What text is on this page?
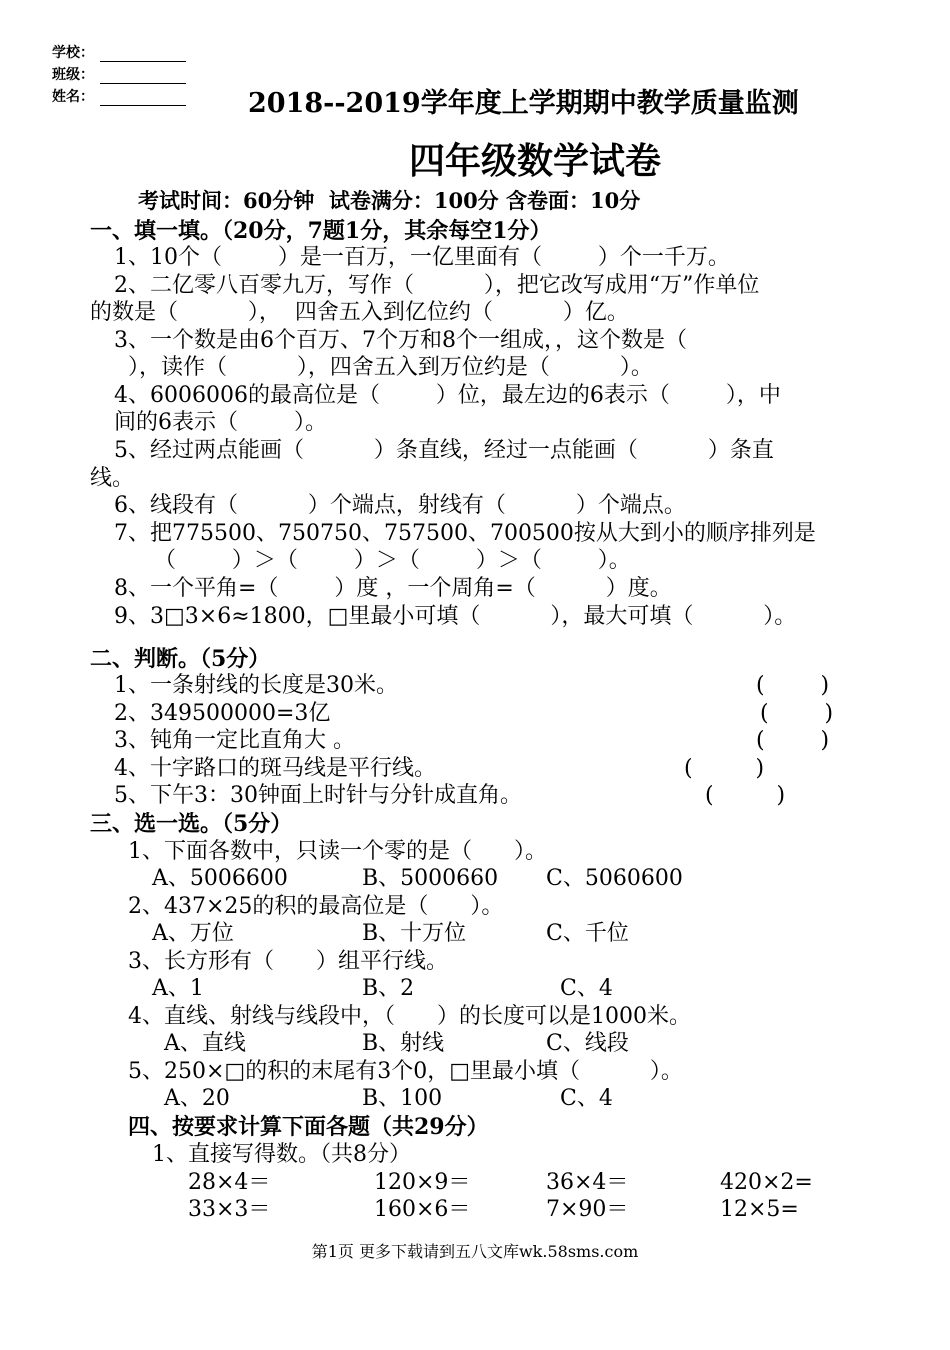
学校：
班级：
姓名：	2018--2019学年度上学期期中教学质量监测
四年级数学试卷
考试时间：60分钟  试卷满分：100分 含卷面：10分
一、填一填。（20分，7题1分，其余每空1分）
1、10个（        ）是一百万，一亿里面有（        ）个一千万。
2、二亿零八百零九万，写作（          ），把它改写成用“万”作单位
的数是（          ），  四舍五入到亿位约（          ）亿。
3、一个数是由6个百万、7个万和8个一组成，，这个数是（
），读作（          ），四舍五入到万位约是（          ）。
4、6006006的最高位是（        ）位，最左边的6表示（        ），中
间的6表示（        ）。
5、经过两点能画（          ）条直线，经过一点能画（          ）条直
线。
6、线段有（          ）个端点，射线有（          ）个端点。
7、把775500、750750、757500、700500按从大到小的顺序排列是
（        ）＞（        ）＞（        ）＞（        ）。
8、一个平角=（        ）度 ，一个周角=（          ）度。
9、3□3×6≈1800，□里最小可填（          ），最大可填（          ）。
二、判断。（5分）
1、一条射线的长度是30米。	(        )
2、349500000=3亿	(        )
3、钝角一定比直角大 。	(        )
4、十字路口的斑马线是平行线。	(         )
5、下午3：30钟面上时针与分针成直角。	(         )
三、选一选。（5分）
1、下面各数中，只读一个零的是（      ）。
A、5006600	B、5000660 C、5060600
2、437×25的积的最高位是（      ）。
A、万位	B、十万位	C、千位
3、长方形有（      ）组平行线。
A、1	B、2	C、4
4、直线、射线与线段中，（      ）的长度可以是1000米。
A、直线	B、射线	C、线段
5、250×□的积的末尾有3个0，□里最小填（          ）。
A、20	B、100	C、4
四、按要求计算下面各题（共29分）
1、直接写得数。（共8分）
28×4＝	120×9＝	36×4＝	420×2=
33×3＝	160×6＝	7×90＝	12×5=
第1页 更多下载请到五八文库wk.58sms.com
